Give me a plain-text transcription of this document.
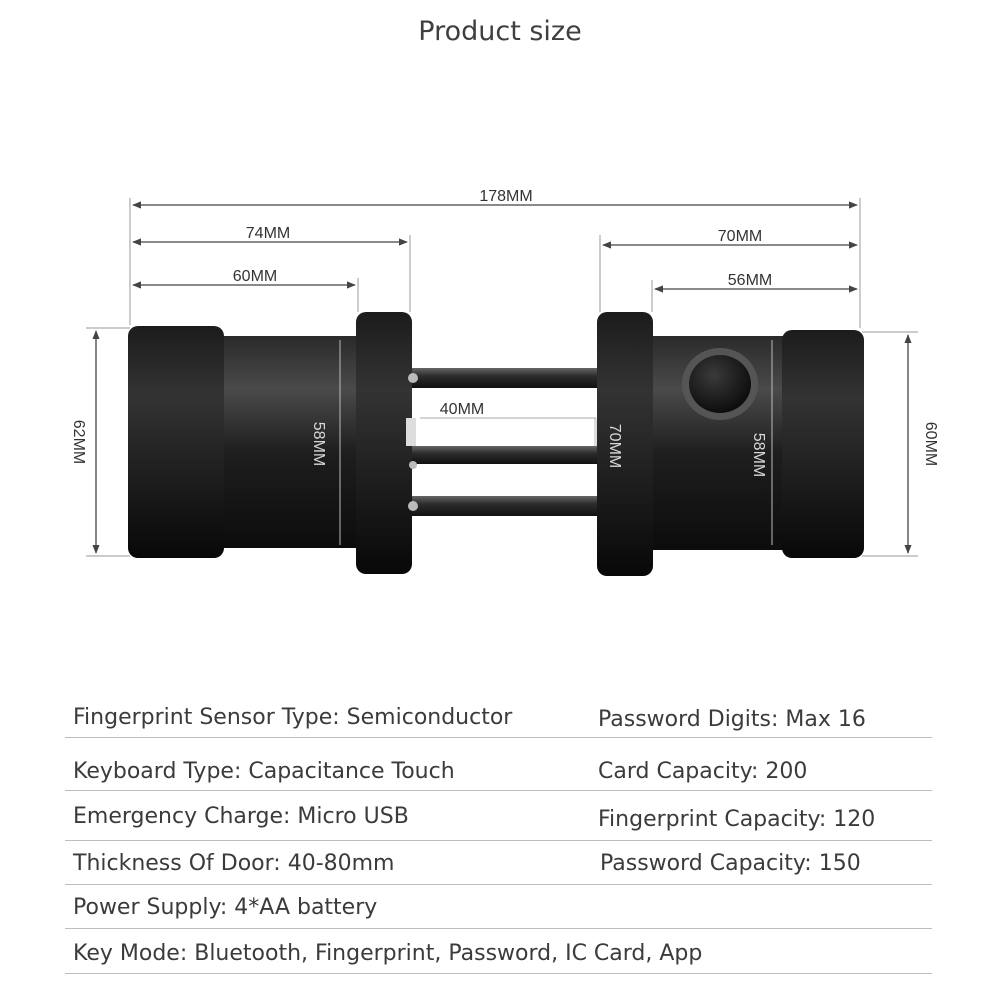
Product size
178MM
74MM
60MM
70MM
56MM
62MM	60MM
58MM
40MM
58MM
70MM
Fingerprint Sensor Type: Semiconductor	Password Digits: Max 16
Keyboard Type: Capacitance Touch	Card Capacity: 200
Emergency Charge: Micro USB	Fingerprint Capacity: 120
Thickness Of Door: 40-80mm	Password Capacity: 150
Power Supply: 4*AA battery
Key Mode: Bluetooth, Fingerprint, Password, IC Card, App
